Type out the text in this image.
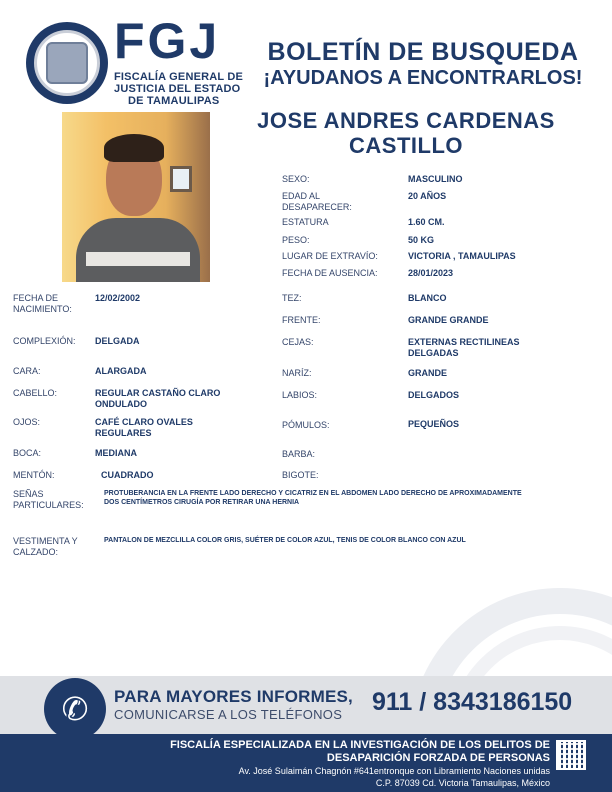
FGJ
FISCALÍA GENERAL DE
JUSTICIA DEL ESTADO
DE TAMAULIPAS
BOLETÍN DE BUSQUEDA
¡AYUDANOS A ENCONTRARLOS!
JOSE ANDRES CARDENAS
CASTILLO
SEXO:	MASCULINO
EDAD AL DESAPARECER:
20 AÑOS
ESTATURA	1.60 CM.
PESO:	50 KG
LUGAR DE EXTRAVÍO:	VICTORIA , TAMAULIPAS
FECHA DE AUSENCIA:	28/01/2023
FECHA DE NACIMIENTO:
12/02/2002
COMPLEXIÓN: DELGADA
CARA:	ALARGADA
CABELLO:	REGULAR CASTAÑO CLARO ONDULADO
OJOS:	CAFÉ CLARO OVALES REGULARES
BOCA:	MEDIANA
MENTÓN:	CUADRADO
TEZ:	BLANCO
FRENTE:	GRANDE GRANDE
CEJAS:	EXTERNAS RECTILINEAS DELGADAS
NARÍZ:	GRANDE
LABIOS:	DELGADOS
PÓMULOS:	PEQUEÑOS
BARBA:
BIGOTE:
SEÑAS PARTICULARES:
PROTUBERANCIA EN LA FRENTE LADO DERECHO Y CICATRIZ EN EL ABDOMEN LADO DERECHO DE APROXIMADAMENTE DOS CENTÍMETROS CIRUGÍA POR RETIRAR UNA HERNIA
VESTIMENTA Y CALZADO:
PANTALON DE MEZCLILLA COLOR GRIS, SUÉTER DE COLOR AZUL, TENIS DE COLOR BLANCO CON AZUL
✆	PARA MAYORES INFORMES,
COMUNICARSE A LOS TELÉFONOS 911 / 8343186150
FISCALÍA ESPECIALIZADA EN LA INVESTIGACIÓN DE LOS DELITOS DE
DESAPARICIÓN FORZADA DE PERSONAS
Av. José Sulaimán Chagnón #641entronque con Libramiento Naciones unidas
C.P. 87039 Cd. Victoria Tamaulipas, México
